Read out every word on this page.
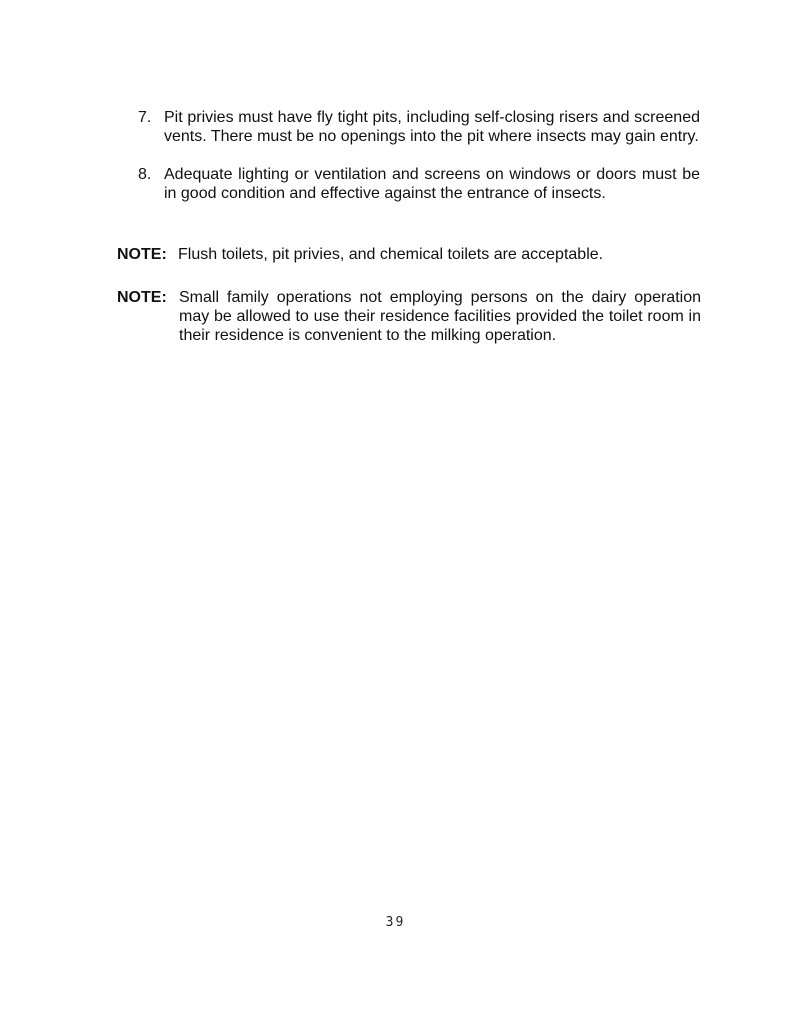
7. Pit privies must have fly tight pits, including self-closing risers and screened vents. There must be no openings into the pit where insects may gain entry.
8. Adequate lighting or ventilation and screens on windows or doors must be in good condition and effective against the entrance of insects.
NOTE: Flush toilets, pit privies, and chemical toilets are acceptable.
NOTE: Small family operations not employing persons on the dairy operation may be allowed to use their residence facilities provided the toilet room in their residence is convenient to the milking operation.
39
